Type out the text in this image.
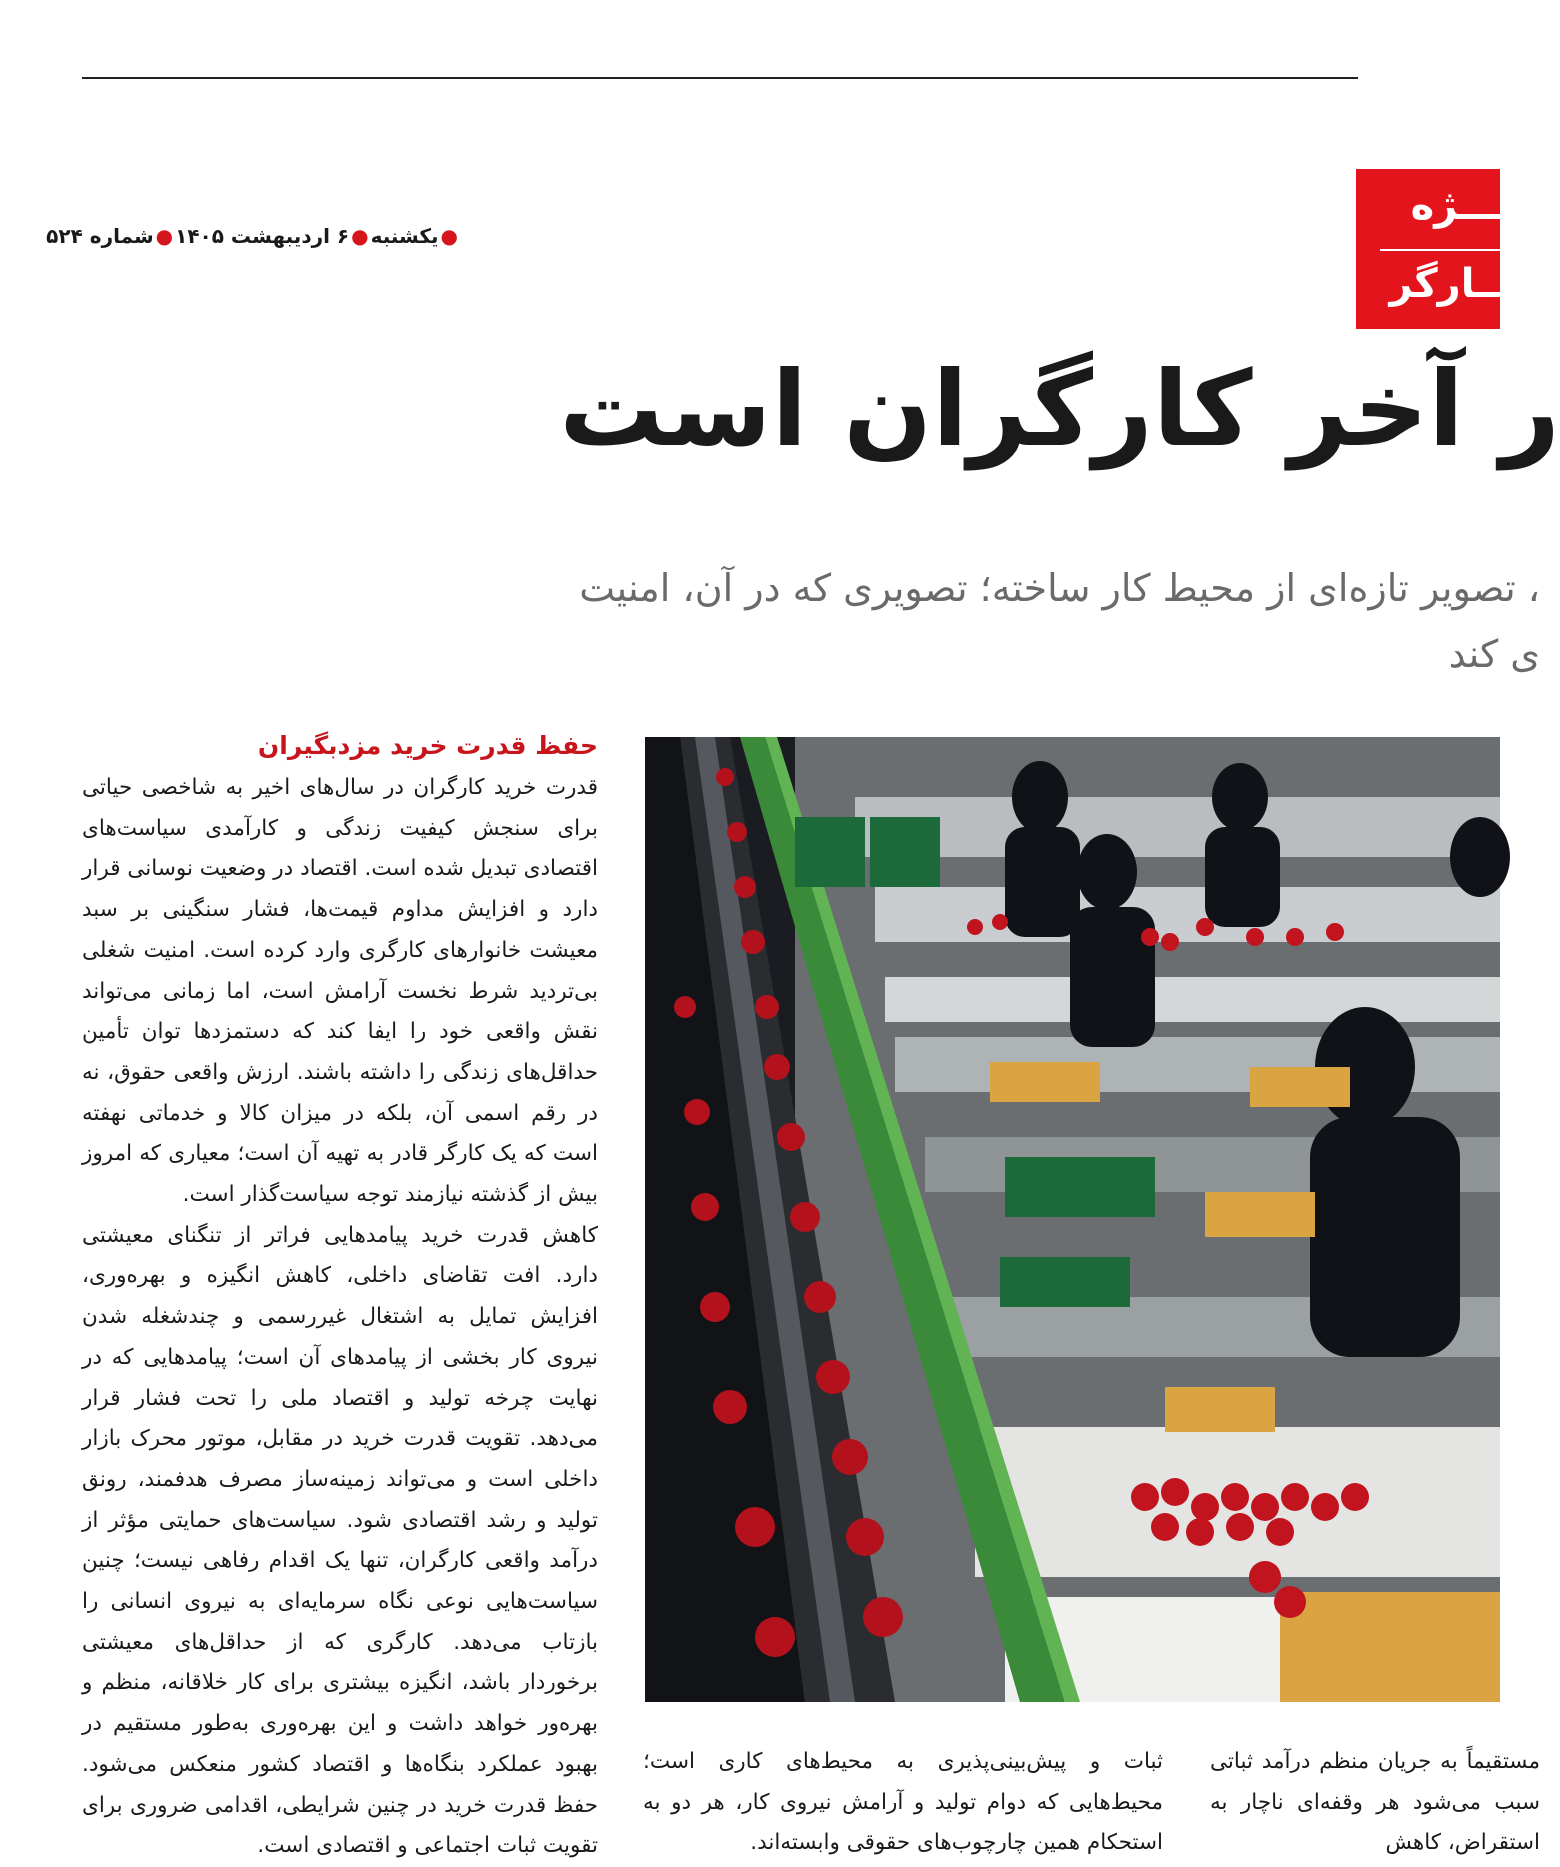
●یکشنبه●۶ اردیبهشت ۱۴۰۵●شماره ۵۲۴
ویـــژه
کـــارگر
ر آخر کارگران است
، تصویر تازه‌ای از محیط کار ساخته؛ تصویری که در آن، امنیت
ی کند
حفظ قدرت خرید مزدبگیران

قدرت خرید کارگران در سال‌های اخیر به شاخصی حیاتی برای سنجش کیفیت زندگی و کارآمدی سیاست‌های اقتصادی تبدیل شده است. اقتصاد در وضعیت نوسانی قرار دارد و افزایش مداوم قیمت‌ها، فشار سنگینی بر سبد معیشت خانوارهای کارگری وارد کرده است. امنیت شغلی بی‌تردید شرط نخست آرامش است، اما زمانی می‌تواند نقش واقعی خود را ایفا کند که دستمزدها توان تأمین حداقل‌های زندگی را داشته باشند. ارزش واقعی حقوق، نه در رقم اسمی آن، بلکه در میزان کالا و خدماتی نهفته است که یک کارگر قادر به تهیه آن است؛ معیاری که امروز بیش از گذشته نیازمند توجه سیاست‌گذار است.

کاهش قدرت خرید پیامدهایی فراتر از تنگنای معیشتی دارد. افت تقاضای داخلی، کاهش انگیزه و بهره‌وری، افزایش تمایل به اشتغال غیررسمی و چندشغله شدن نیروی کار بخشی از پیامدهای آن است؛ پیامدهایی که در نهایت چرخه تولید و اقتصاد ملی را تحت فشار قرار می‌دهد. تقویت قدرت خرید در مقابل، موتور محرک بازار داخلی است و می‌تواند زمینه‌ساز مصرف هدفمند، رونق تولید و رشد اقتصادی شود. سیاست‌های حمایتی مؤثر از درآمد واقعی کارگران، تنها یک اقدام رفاهی نیست؛ چنین سیاست‌هایی نوعی نگاه سرمایه‌ای به نیروی انسانی را بازتاب می‌دهد. کارگری که از حداقل‌های معیشتی برخوردار باشد، انگیزه بیشتری برای کار خلاقانه، منظم و بهره‌ور خواهد داشت و این بهره‌وری به‌طور مستقیم در بهبود عملکرد بنگاه‌ها و اقتصاد کشور منعکس می‌شود. حفظ قدرت خرید در چنین شرایطی، اقدامی ضروری برای تقویت ثبات اجتماعی و اقتصادی است.

ثبات و پیش‌بینی‌پذیری به محیط‌های کاری است؛ محیط‌هایی که دوام تولید و آرامش نیروی کار، هر دو به استحکام همین چارچوب‌های حقوقی وابسته‌اند.
مستقیماً به جریان منظم درآمد ثباتی سبب می‌شود هر وقفه‌ای ناچار به استقراض، کاهش
